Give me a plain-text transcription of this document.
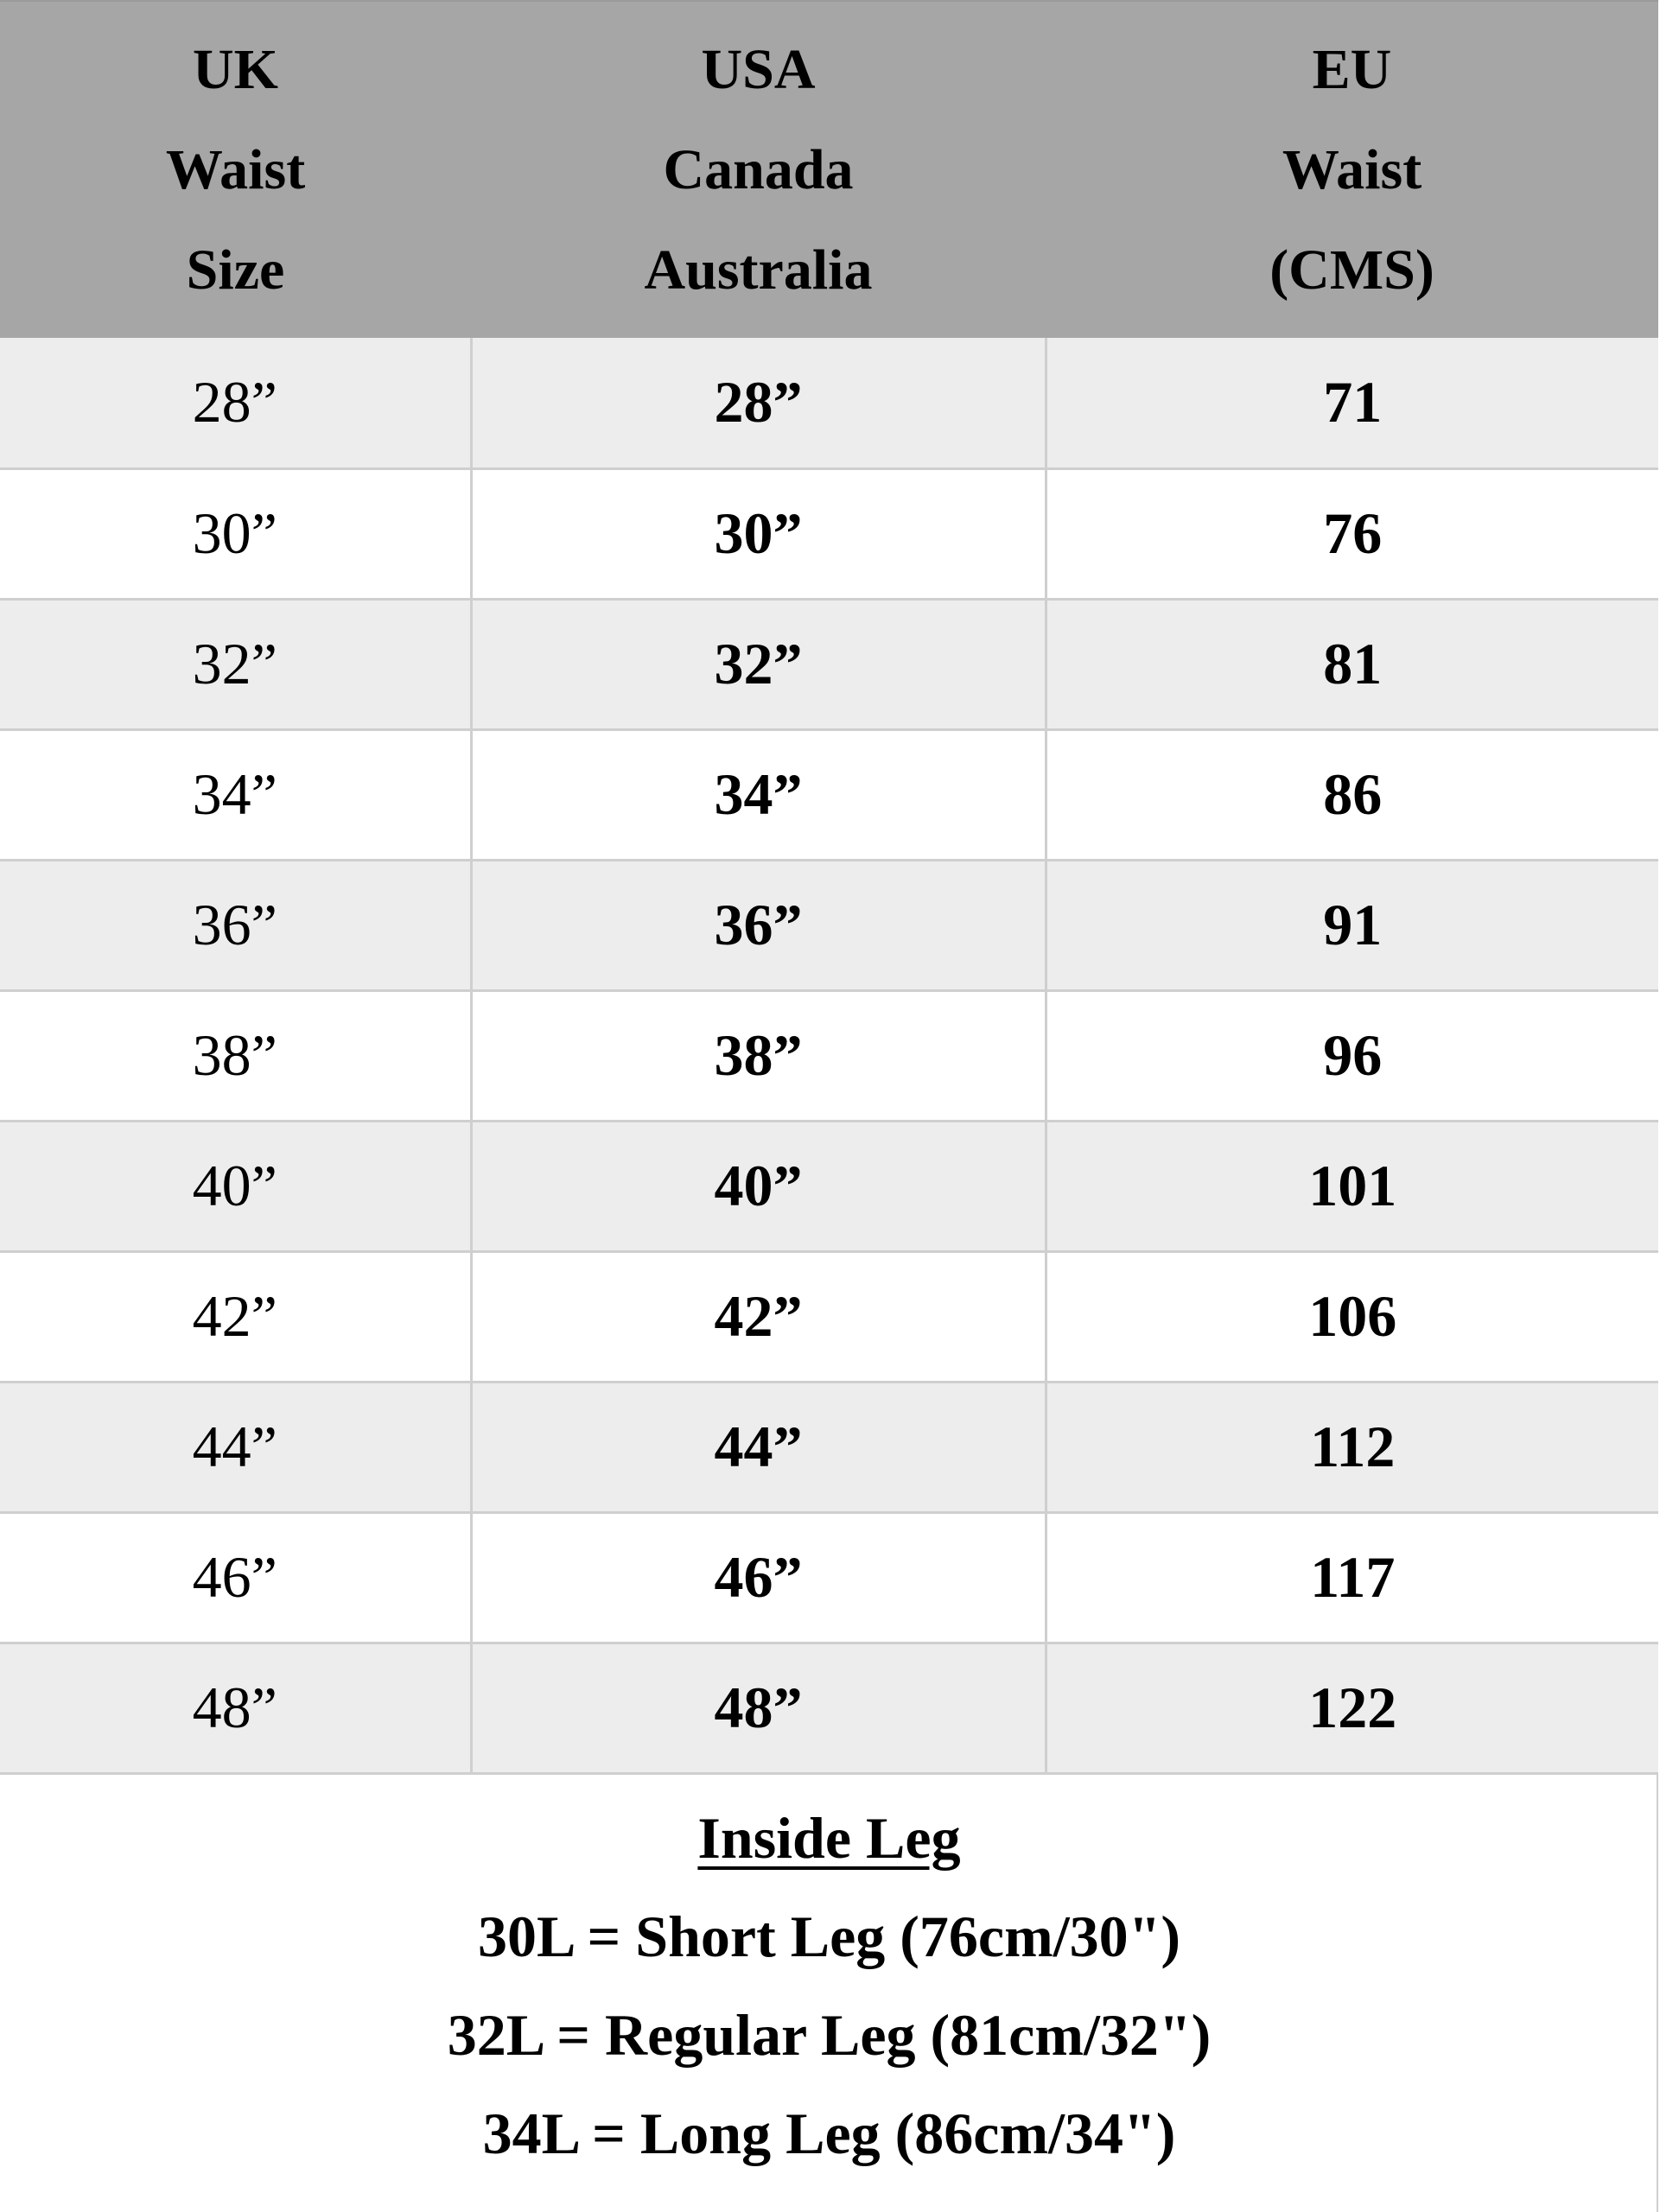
UK
Waist
Size	USA
Canada
Australia	EU
Waist
(CMS)
28”	28”	71
30”	30”	76
32”	32”	81
34”	34”	86
36”	36”	91
38”	38”	96
40”	40”	101
42”	42”	106
44”	44”	112
46”	46”	117
48”	48”	122
Inside Leg
30L = Short Leg (76cm/30")
32L = Regular Leg (81cm/32")
34L = Long Leg (86cm/34")
